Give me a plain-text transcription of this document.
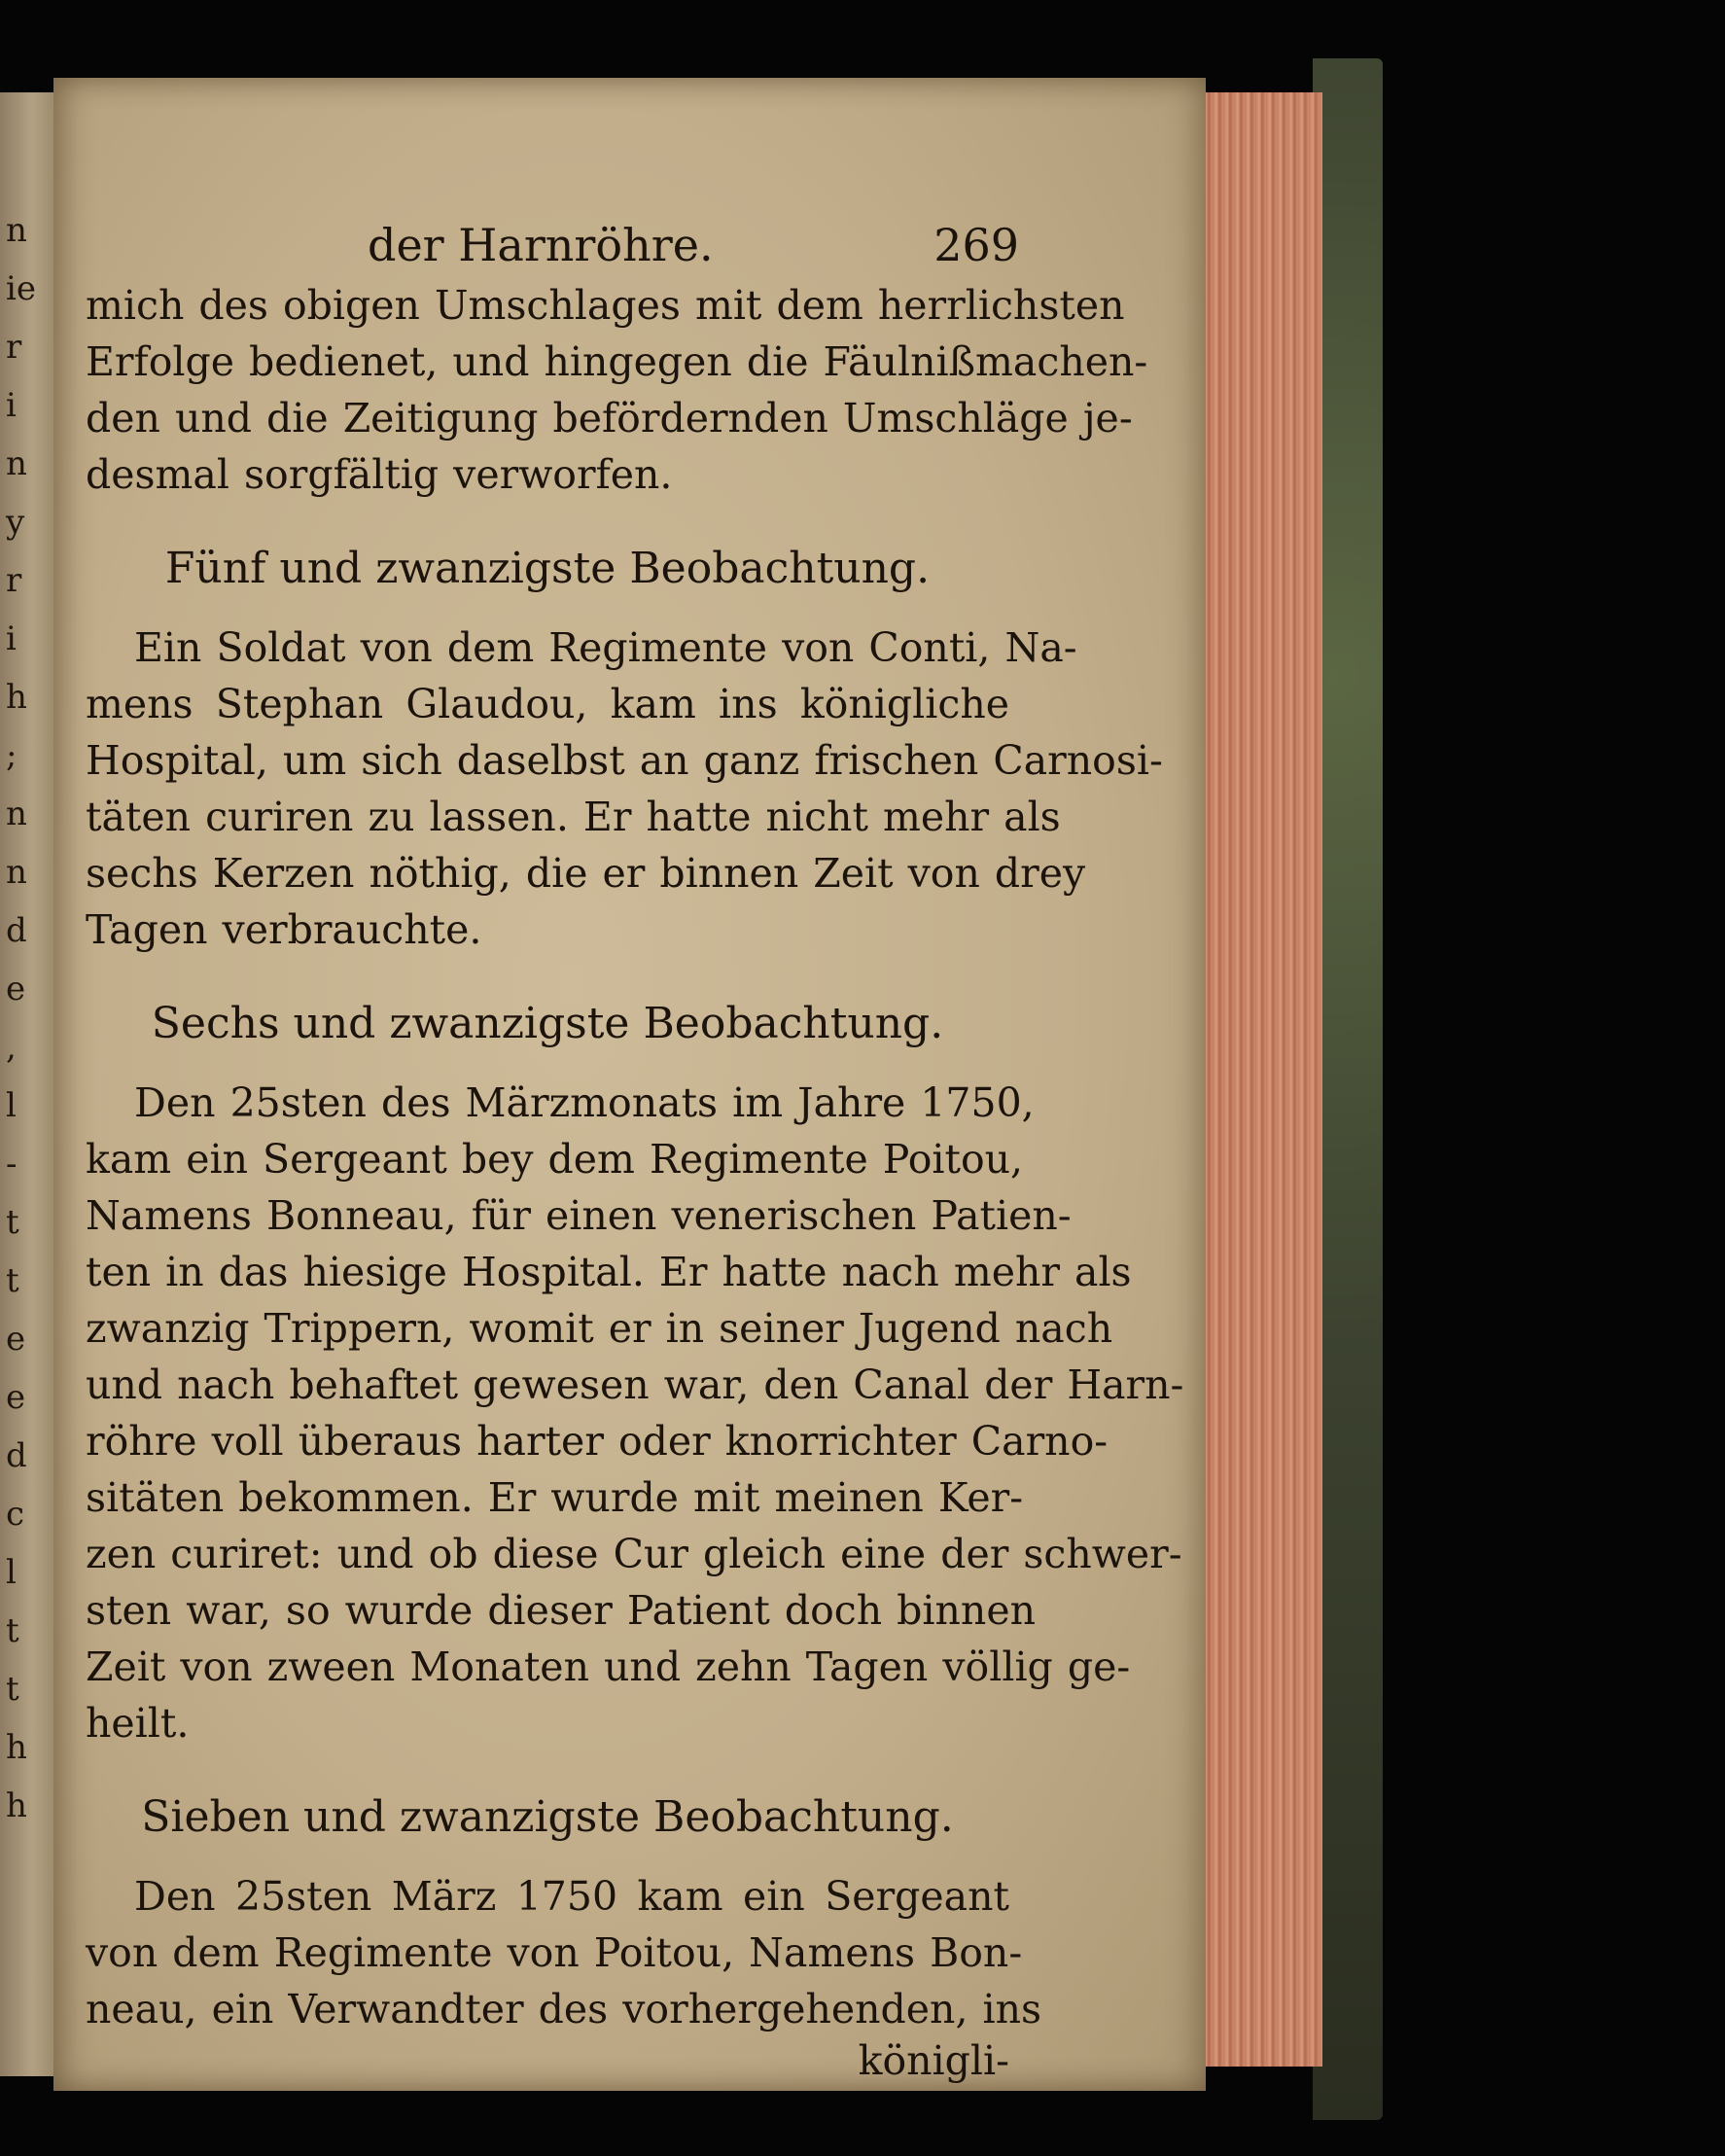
n
ie
r
i
n
y
r
i
h
;
n
n
d
e
,
l
-
t
t
e
e
d
c
l
t
t
h
h
der Harnröhre.	269
mich des obigen Umschlages mit dem herrlichsten
Erfolge bedienet, und hingegen die Fäulnißmachen-
den und die Zeitigung befördernden Umschläge je-
desmal sorgfältig verworfen.
Fünf und zwanzigste Beobachtung.
Ein Soldat von dem Regimente von Conti, Na-
mens Stephan Glaudou, kam ins königliche
Hospital, um sich daselbst an ganz frischen Carnosi-
täten curiren zu lassen. Er hatte nicht mehr als
sechs Kerzen nöthig, die er binnen Zeit von drey
Tagen verbrauchte.
Sechs und zwanzigste Beobachtung.
Den 25sten des Märzmonats im Jahre 1750,
kam ein Sergeant bey dem Regimente Poitou,
Namens Bonneau, für einen venerischen Patien-
ten in das hiesige Hospital. Er hatte nach mehr als
zwanzig Trippern, womit er in seiner Jugend nach
und nach behaftet gewesen war, den Canal der Harn-
röhre voll überaus harter oder knorrichter Carno-
sitäten bekommen. Er wurde mit meinen Ker-
zen curiret: und ob diese Cur gleich eine der schwer-
sten war, so wurde dieser Patient doch binnen
Zeit von zween Monaten und zehn Tagen völlig ge-
heilt.
Sieben und zwanzigste Beobachtung.
Den 25sten März 1750 kam ein Sergeant
von dem Regimente von Poitou, Namens Bon-
neau, ein Verwandter des vorhergehenden, ins
königli-
